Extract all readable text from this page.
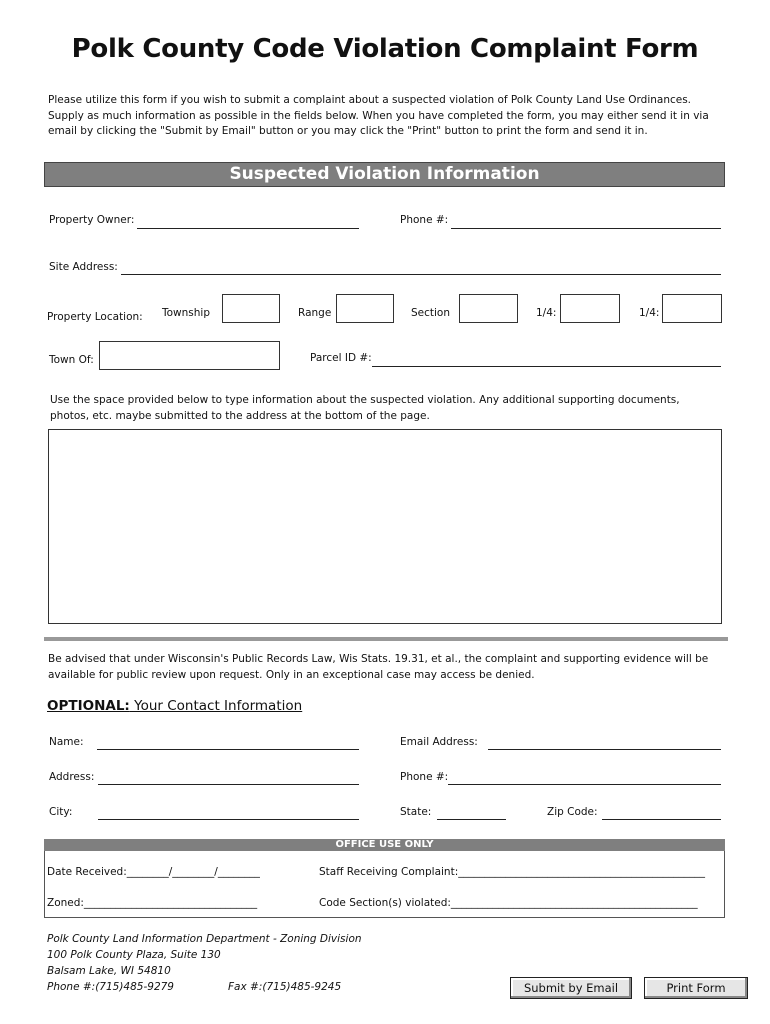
Polk County Code Violation Complaint Form
Please utilize this form if you wish to submit a complaint about a suspected violation of Polk County Land Use Ordinances. Supply as much information as possible in the fields below. When you have completed the form, you may either send it in via email by clicking the "Submit by Email" button or you may click the "Print" button to print the form and send it in.
Suspected Violation Information
Property Owner:	Phone #:
Site Address:
Property Location: Township	Range	Section	1/4:	1/4:
Town Of:	Parcel ID #:
Use the space provided below to type information about the suspected violation. Any additional supporting documents, photos, etc. maybe submitted to the address at the bottom of the page.
Be advised that under Wisconsin's Public Records Law, Wis Stats. 19.31, et al., the complaint and supporting evidence will be available for public review upon request. Only in an exceptional case may access be denied.
OPTIONAL: Your Contact Information
Name:	Email Address:
Address:	Phone #:
City:	State:	Zip Code:
OFFICE USE ONLY
Date Received:________/________/________	Staff Receiving Complaint:_______________________________________________
Zoned:_________________________________	Code Section(s) violated:_______________________________________________
Polk County Land Information Department - Zoning Division
100 Polk County Plaza, Suite 130
Balsam Lake, WI 54810
Phone #:(715)485-9279	Fax #:(715)485-9245	Submit by Email	Print Form
